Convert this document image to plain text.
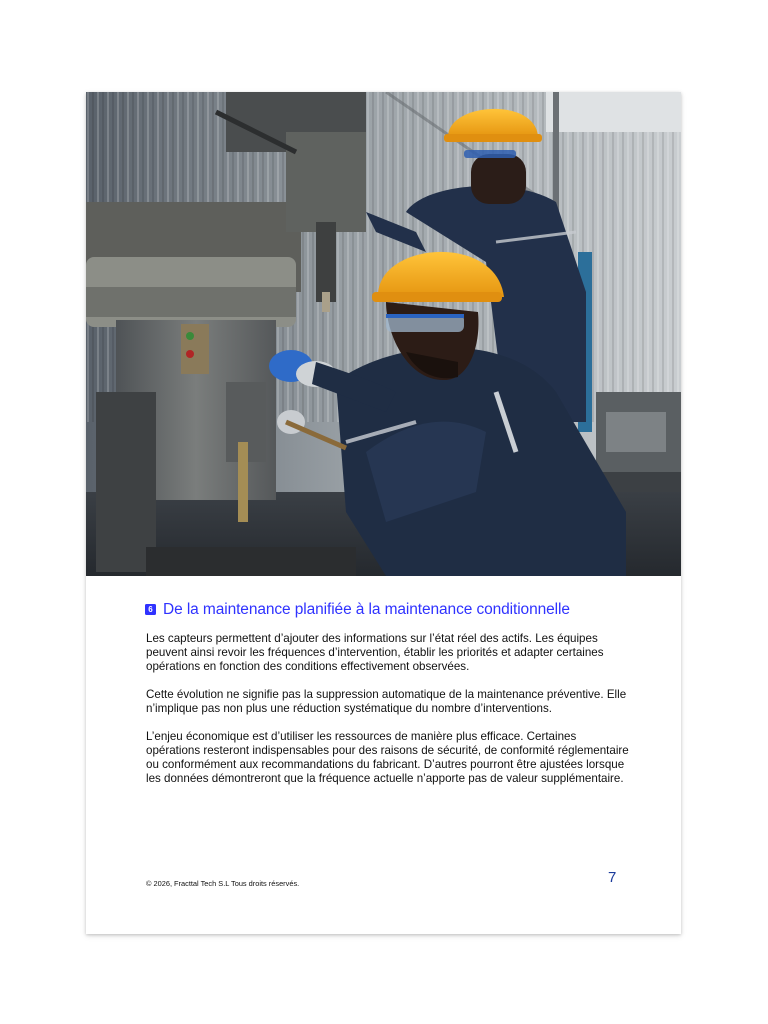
6 De la maintenance planifiée à la maintenance conditionnelle

Les capteurs permettent d’ajouter des informations sur l’état réel des actifs. Les équipes peuvent ainsi revoir les fréquences d’intervention, établir les priorités et adapter certaines opérations en fonction des conditions effectivement observées.

Cette évolution ne signifie pas la suppression automatique de la maintenance préventive. Elle n’implique pas non plus une réduction systématique du nombre d’interventions.

L’enjeu économique est d’utiliser les ressources de manière plus efficace. Certaines opérations resteront indispensables pour des raisons de sécurité, de conformité réglementaire ou conformément aux recommandations du fabricant. D’autres pourront être ajustées lorsque les données démontreront que la fréquence actuelle n’apporte pas de valeur supplémentaire.

© 2026, Fracttal Tech S.L Tous droits réservés.	7
